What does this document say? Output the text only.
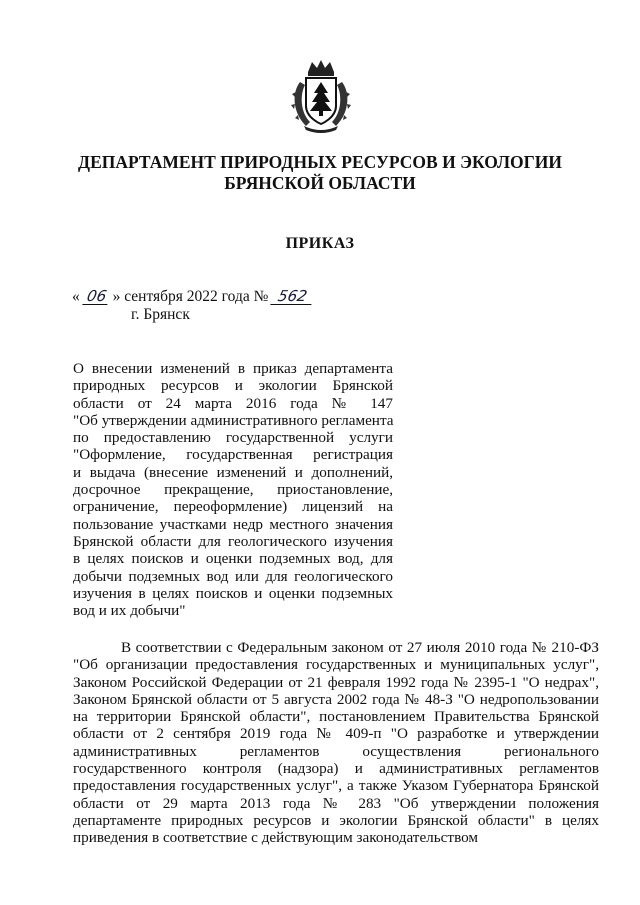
ДЕПАРТАМЕНТ ПРИРОДНЫХ РЕСУРСОВ И ЭКОЛОГИИ
БРЯНСКОЙ ОБЛАСТИ
ПРИКАЗ
« 06 » сентября 2022 года № 562
г. Брянск
О внесении изменений в приказ департамента
природных ресурсов и экологии Брянской
области от 24 марта 2016 года № 147
"Об утверждении административного регламента
по предоставлению государственной услуги
"Оформление, государственная регистрация
и выдача (внесение изменений и дополнений,
досрочное прекращение, приостановление,
ограничение, переоформление) лицензий на
пользование участками недр местного значения
Брянской области для геологического изучения
в целях поисков и оценки подземных вод, для
добычи подземных вод или для геологического
изучения в целях поисков и оценки подземных
вод и их добычи"
В соответствии с Федеральным законом от 27 июля 2010 года № 210-ФЗ
"Об организации предоставления государственных и муниципальных услуг",
Законом Российской Федерации от 21 февраля 1992 года № 2395-1 "О недрах",
Законом Брянской области от 5 августа 2002 года № 48-З "О недропользовании
на территории Брянской области", постановлением Правительства Брянской
области от 2 сентября 2019 года № 409-п "О разработке и утверждении
административных регламентов осуществления регионального
государственного контроля (надзора) и административных регламентов
предоставления государственных услуг", а также Указом Губернатора Брянской
области от 29 марта 2013 года № 283 "Об утверждении положения
департаменте природных ресурсов и экологии Брянской области" в целях
приведения в соответствие с действующим законодательством
